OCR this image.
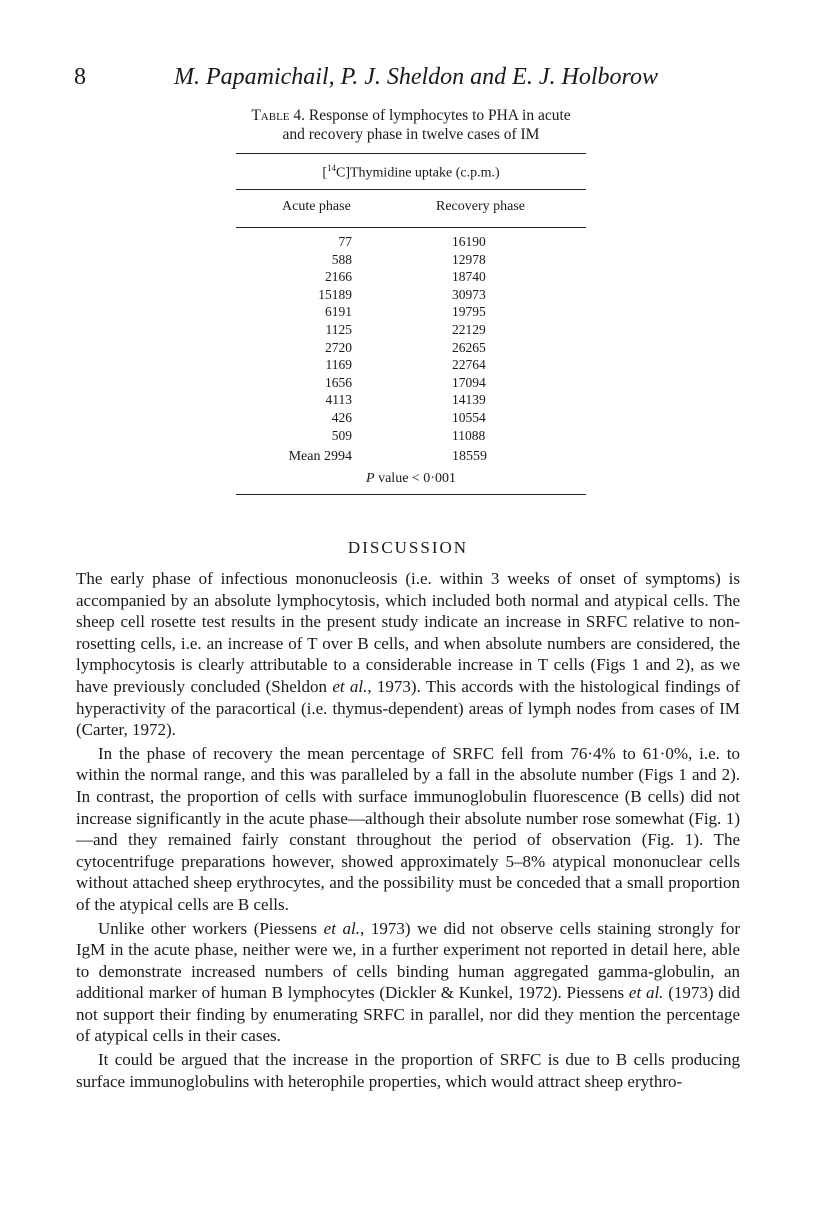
8	M. Papamichail, P. J. Sheldon and E. J. Holborow
Table 4. Response of lymphocytes to PHA in acute
and recovery phase in twelve cases of IM
[$^{14}$C]Thymidine uptake (c.p.m.)
Acute phase	Recovery phase
77	16190
588	12978
2166	18740
15189	30973
6191	19795
1125	22129
2720	26265
1169	22764
1656	17094
4113	14139
426	10554
509	11088
Mean 2994	18559
P value < 0·001
DISCUSSION

The early phase of infectious mononucleosis (i.e. within 3 weeks of onset of symptoms) is accompanied by an absolute lymphocytosis, which included both normal and atypical cells. The sheep cell rosette test results in the present study indicate an increase in SRFC relative to non-rosetting cells, i.e. an increase of T over B cells, and when absolute numbers are considered, the lymphocytosis is clearly attributable to a considerable increase in T cells (Figs 1 and 2), as we have previously concluded (Sheldon et al., 1973). This accords with the histological findings of hyperactivity of the paracortical (i.e. thymus-dependent) areas of lymph nodes from cases of IM (Carter, 1972).

In the phase of recovery the mean percentage of SRFC fell from 76·4% to 61·0%, i.e. to within the normal range, and this was paralleled by a fall in the absolute number (Figs 1 and 2). In contrast, the proportion of cells with surface immunoglobulin fluorescence (B cells) did not increase significantly in the acute phase—although their absolute number rose somewhat (Fig. 1)—and they remained fairly constant throughout the period of observation (Fig. 1). The cytocentrifuge preparations however, showed approximately 5–8% atypical mononuclear cells without attached sheep erythrocytes, and the possibility must be conceded that a small proportion of the atypical cells are B cells.

Unlike other workers (Piessens et al., 1973) we did not observe cells staining strongly for IgM in the acute phase, neither were we, in a further experiment not reported in detail here, able to demonstrate increased numbers of cells binding human aggregated gamma-globulin, an additional marker of human B lymphocytes (Dickler & Kunkel, 1972). Piessens et al. (1973) did not support their finding by enumerating SRFC in parallel, nor did they mention the percentage of atypical cells in their cases.

It could be argued that the increase in the proportion of SRFC is due to B cells producing surface immunoglobulins with heterophile properties, which would attract sheep erythro-
